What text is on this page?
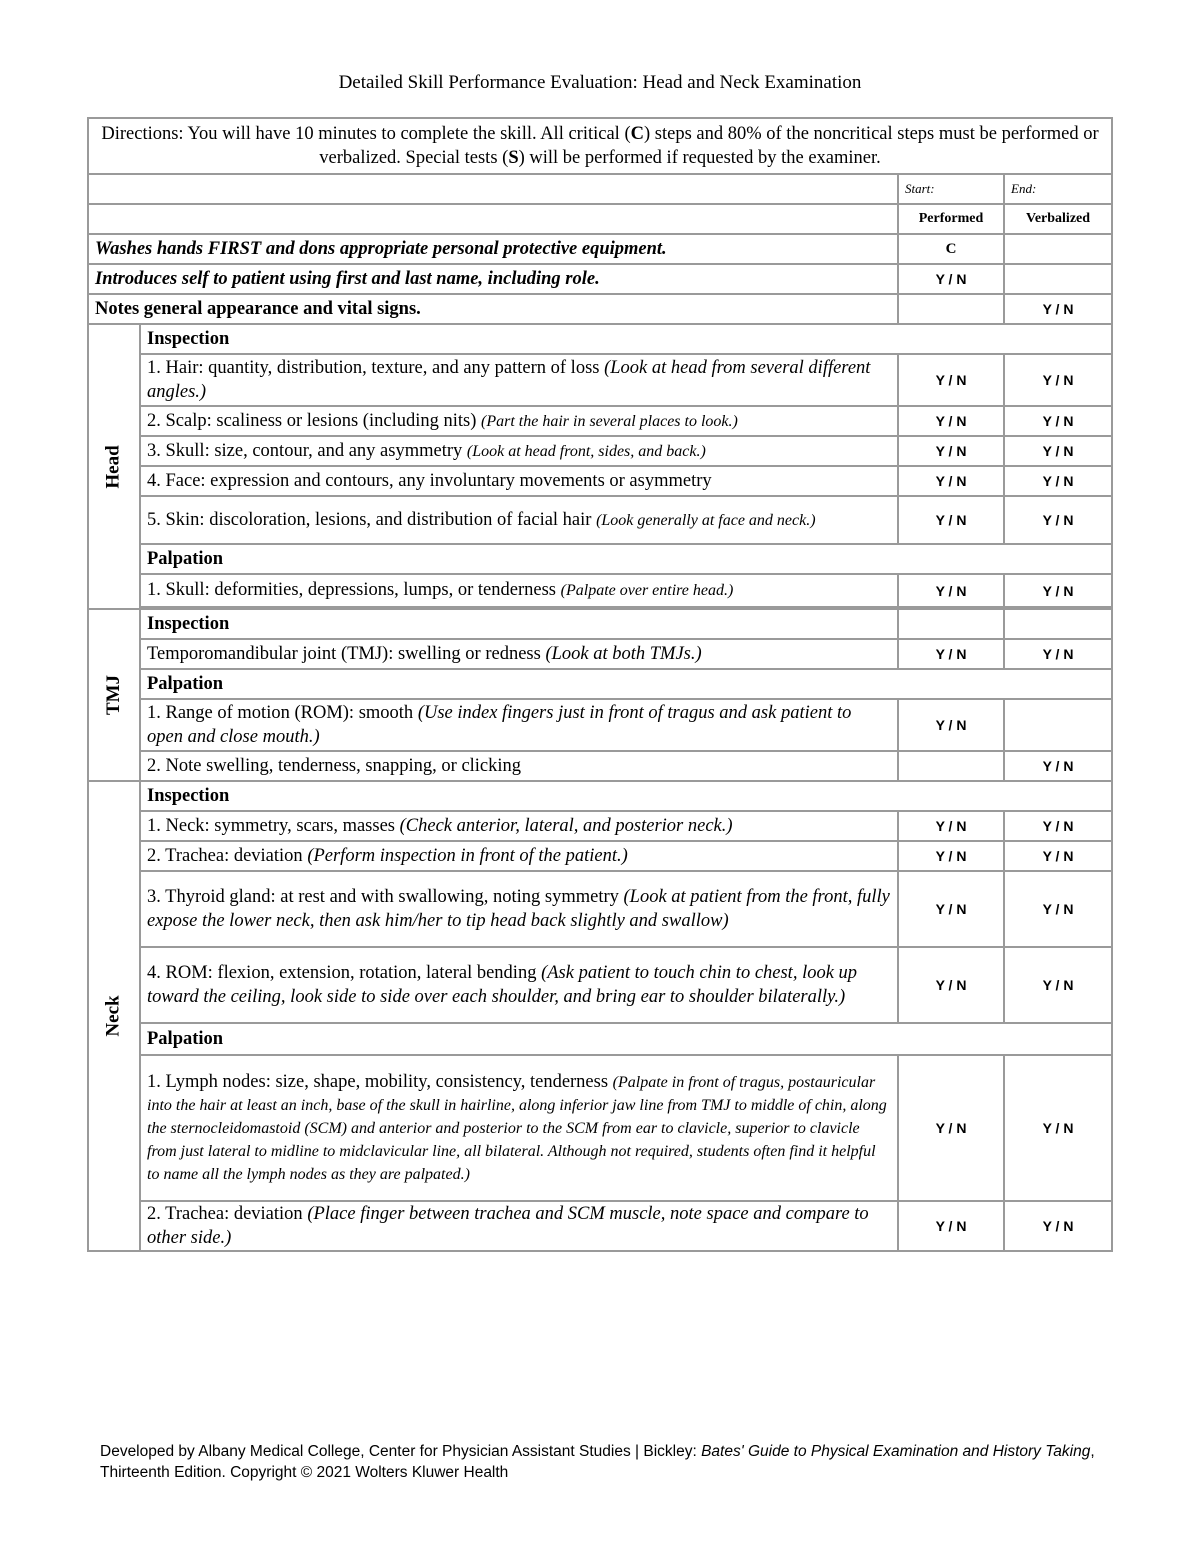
Detailed Skill Performance Evaluation: Head and Neck Examination
Directions: You will have 10 minutes to complete the skill. All critical (C) steps and 80% of the noncritical steps must be performed or verbalized. Special tests (S) will be performed if requested by the examiner.			
		Start:	End:
		Performed	Verbalized
Washes hands FIRST and dons appropriate personal protective equipment.		C	
Introduces self to patient using first and last name, including role.		Y / N	
Notes general appearance and vital signs.			Y / N
Head	Inspection		
	1. Hair: quantity, distribution, texture, and any pattern of loss (Look at head from several different angles.)	Y / N	Y / N
	2. Scalp: scaliness or lesions (including nits) (Part the hair in several places to look.)	Y / N	Y / N
	3. Skull: size, contour, and any asymmetry (Look at head front, sides, and back.)	Y / N	Y / N
	4. Face: expression and contours, any involuntary movements or asymmetry	Y / N	Y / N
	5. Skin: discoloration, lesions, and distribution of facial hair (Look generally at face and neck.)	Y / N	Y / N
	Palpation		
	1. Skull: deformities, depressions, lumps, or tenderness (Palpate over entire head.)	Y / N	Y / N

TMJ	Inspection		
	Temporomandibular joint (TMJ): swelling or redness (Look at both TMJs.)	Y / N	Y / N
	Palpation		
	1. Range of motion (ROM): smooth (Use index fingers just in front of tragus and ask patient to open and close mouth.)	Y / N	
	2. Note swelling, tenderness, snapping, or clicking		Y / N
Neck	Inspection		
	1. Neck: symmetry, scars, masses (Check anterior, lateral, and posterior neck.)	Y / N	Y / N
	2. Trachea: deviation (Perform inspection in front of the patient.)	Y / N	Y / N
	3. Thyroid gland: at rest and with swallowing, noting symmetry (Look at patient from the front, fully expose the lower neck, then ask him/her to tip head back slightly and swallow)	Y / N	Y / N
	4. ROM: flexion, extension, rotation, lateral bending (Ask patient to touch chin to chest, look up toward the ceiling, look side to side over each shoulder, and bring ear to shoulder bilaterally.)	Y / N	Y / N
	Palpation		
	1. Lymph nodes: size, shape, mobility, consistency, tenderness (Palpate in front of tragus, postauricular into the hair at least an inch, base of the skull in hairline, along inferior jaw line from TMJ to middle of chin, along the sternocleidomastoid (SCM) and anterior and posterior to the SCM from ear to clavicle, superior to clavicle from just lateral to midline to midclavicular line, all bilateral. Although not required, students often find it helpful to name all the lymph nodes as they are palpated.)	Y / N	Y / N
	2. Trachea: deviation (Place finger between trachea and SCM muscle, note space and compare to other side.)	Y / N	Y / N
Developed by Albany Medical College, Center for Physician Assistant Studies | Bickley: Bates' Guide to Physical Examination and History Taking, Thirteenth Edition. Copyright © 2021 Wolters Kluwer Health
